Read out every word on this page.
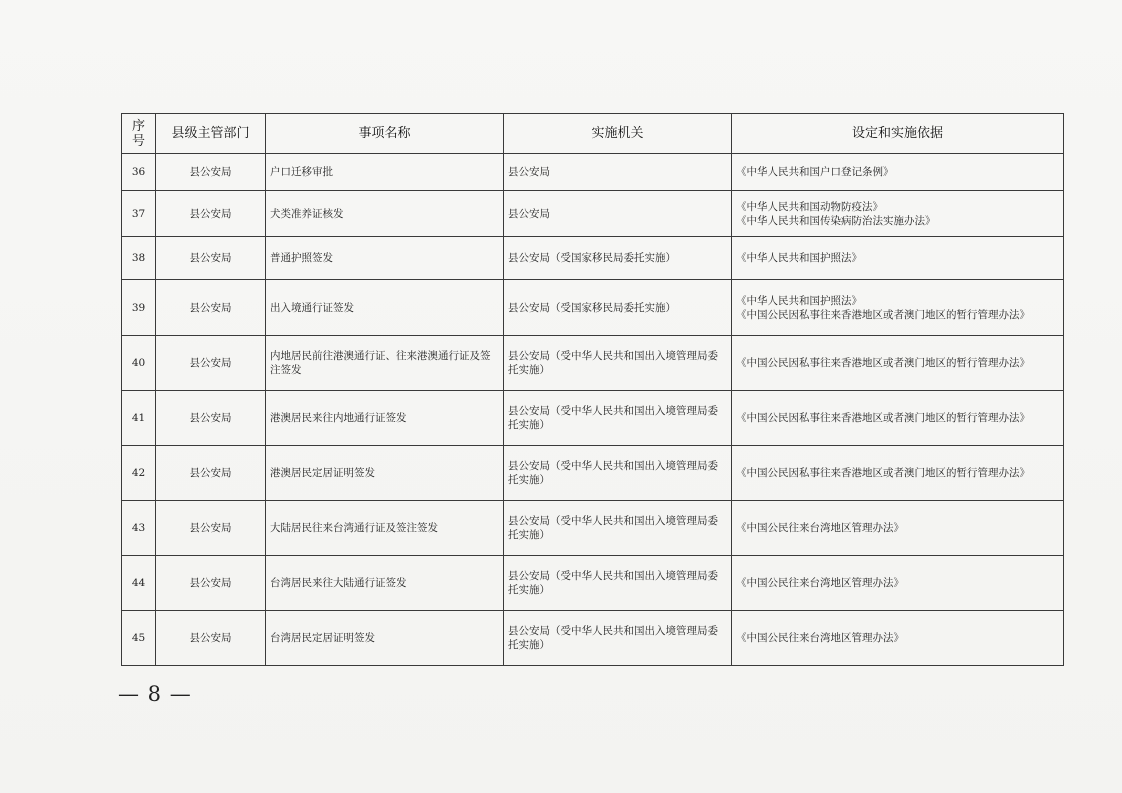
序
号	县级主管部门	事项名称	实施机关	设定和实施依据
36	县公安局	户口迁移审批	县公安局	《中华人民共和国户口登记条例》
37	县公安局	犬类准养证核发	县公安局	《中华人民共和国动物防疫法》
《中华人民共和国传染病防治法实施办法》
38	县公安局	普通护照签发	县公安局（受国家移民局委托实施）	《中华人民共和国护照法》
39	县公安局	出入境通行证签发	县公安局（受国家移民局委托实施）	《中华人民共和国护照法》
《中国公民因私事往来香港地区或者澳门地区的暂行管理办法》
40	县公安局	内地居民前往港澳通行证、往来港澳通行证及签
注签发	县公安局（受中华人民共和国出入境管理局委
托实施）	《中国公民因私事往来香港地区或者澳门地区的暂行管理办法》
41	县公安局	港澳居民来往内地通行证签发	县公安局（受中华人民共和国出入境管理局委
托实施）	《中国公民因私事往来香港地区或者澳门地区的暂行管理办法》
42	县公安局	港澳居民定居证明签发	县公安局（受中华人民共和国出入境管理局委
托实施）	《中国公民因私事往来香港地区或者澳门地区的暂行管理办法》
43	县公安局	大陆居民往来台湾通行证及签注签发	县公安局（受中华人民共和国出入境管理局委
托实施）	《中国公民往来台湾地区管理办法》
44	县公安局	台湾居民来往大陆通行证签发	县公安局（受中华人民共和国出入境管理局委
托实施）	《中国公民往来台湾地区管理办法》
45	县公安局	台湾居民定居证明签发	县公安局（受中华人民共和国出入境管理局委
托实施）	《中国公民往来台湾地区管理办法》
— 8 —
